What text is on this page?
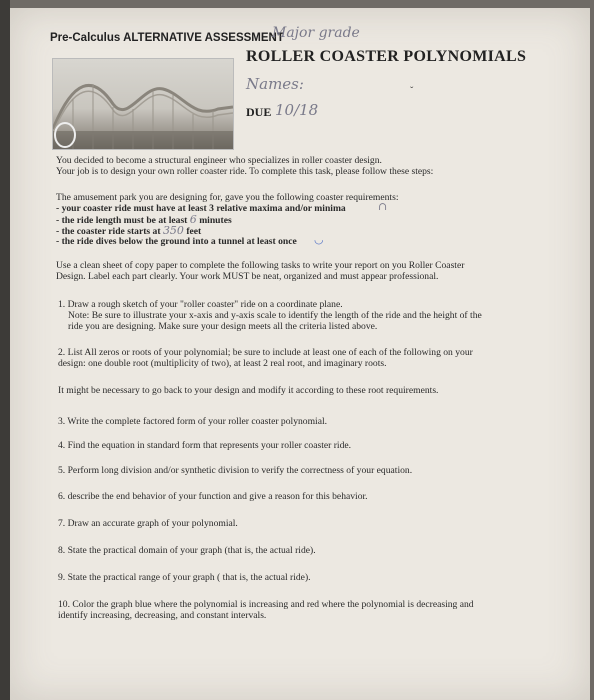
Pre-Calculus ALTERNATIVE ASSESSMENT
Major grade
ROLLER COASTER POLYNOMIALS
Names:	ˇ
DUE 10/18
You decided to become a structural engineer who specializes in roller coaster design.
Your job is to design your own roller coaster ride. To complete this task, please follow these steps:
The amusement park you are designing for, gave you the following coaster requirements:
- your coaster ride must have at least 3 relative maxima and/or minima	∩
- the ride length must be at least 6 minutes
- the coaster ride starts at 350 feet
- the ride dives below the ground into a tunnel at least once ◡
Use a clean sheet of copy paper to complete the following tasks to write your report on you Roller Coaster
Design. Label each part clearly. Your work MUST be neat, organized and must appear professional.
1. Draw a rough sketch of your "roller coaster" ride on a coordinate plane.
Note: Be sure to illustrate your x-axis and y-axis scale to identify the length of the ride and the height of the
ride you are designing. Make sure your design meets all the criteria listed above.
2. List All zeros or roots of your polynomial; be sure to include at least one of each of the following on your
design: one double root (multiplicity of two), at least 2 real root, and imaginary roots.
It might be necessary to go back to your design and modify it according to these root requirements.
3. Write the complete factored form of your roller coaster polynomial.
4. Find the equation in standard form that represents your roller coaster ride.
5. Perform long division and/or synthetic division to verify the correctness of your equation.
6. describe the end behavior of your function and give a reason for this behavior.
7. Draw an accurate graph of your polynomial.
8. State the practical domain of your graph (that is, the actual ride).
9. State the practical range of your graph ( that is, the actual ride).
10. Color the graph blue where the polynomial is increasing and red where the polynomial is decreasing and
identify increasing, decreasing, and constant intervals.
